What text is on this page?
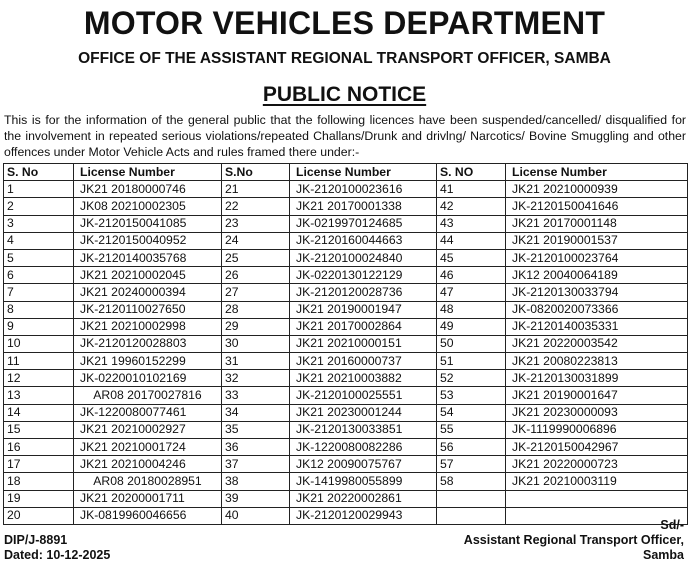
MOTOR VEHICLES DEPARTMENT
OFFICE OF THE ASSISTANT REGIONAL TRANSPORT OFFICER, SAMBA
PUBLIC NOTICE
This is for the information of the general public that the following licences have been suspended/cancelled/ disqualified for the involvement in repeated serious violations/repeated Challans/Drunk and drivlng/ Narcotics/ Bovine Smuggling and other offences under Motor Vehicle Acts and rules framed there under:-
S. No	License Number	S.No	License Number	S. NO	License Number
1	JK21 20180000746	21	JK-2120100023616	41	JK21 20210000939
2	JK08 20210002305	22	JK21 20170001338	42	JK-2120150041646
3	JK-2120150041085	23	JK-0219970124685	43	JK21 20170001148
4	JK-2120150040952	24	JK-2120160044663	44	JK21 20190001537
5	JK-2120140035768	25	JK-2120100024840	45	JK-2120100023764
6	JK21 20210002045	26	JK-0220130122129	46	JK12 20040064189
7	JK21 20240000394	27	JK-2120120028736	47	JK-2120130033794
8	JK-2120110027650	28	JK21 20190001947	48	JK-0820020073366
9	JK21 20210002998	29	JK21 20170002864	49	JK-2120140035331
10	JK-2120120028803	30	JK21 20210000151	50	JK21 20220003542
11	JK21 19960152299	31	JK21 20160000737	51	JK21 20080223813
12	JK-0220010102169	32	JK21 20210003882	52	JK-2120130031899
13	AR08 20170027816	33	JK-2120100025551	53	JK21 20190001647
14	JK-1220080077461	34	JK21 20230001244	54	JK21 20230000093
15	JK21 20210002927	35	JK-2120130033851	55	JK-1119990006896
16	JK21 20210001724	36	JK-1220080082286	56	JK-2120150042967
17	JK21 20210004246	37	JK12 20090075767	57	JK21 20220000723
18	AR08 20180028951	38	JK-1419980055899	58	JK21 20210003119
19	JK21 20200001711	39	JK21 20220002861		
20	JK-0819960046656	40	JK-2120120029943		
Sd/-
DIP/J-8891
Dated: 10-12-2025
Assistant Regional Transport Officer,
Samba
